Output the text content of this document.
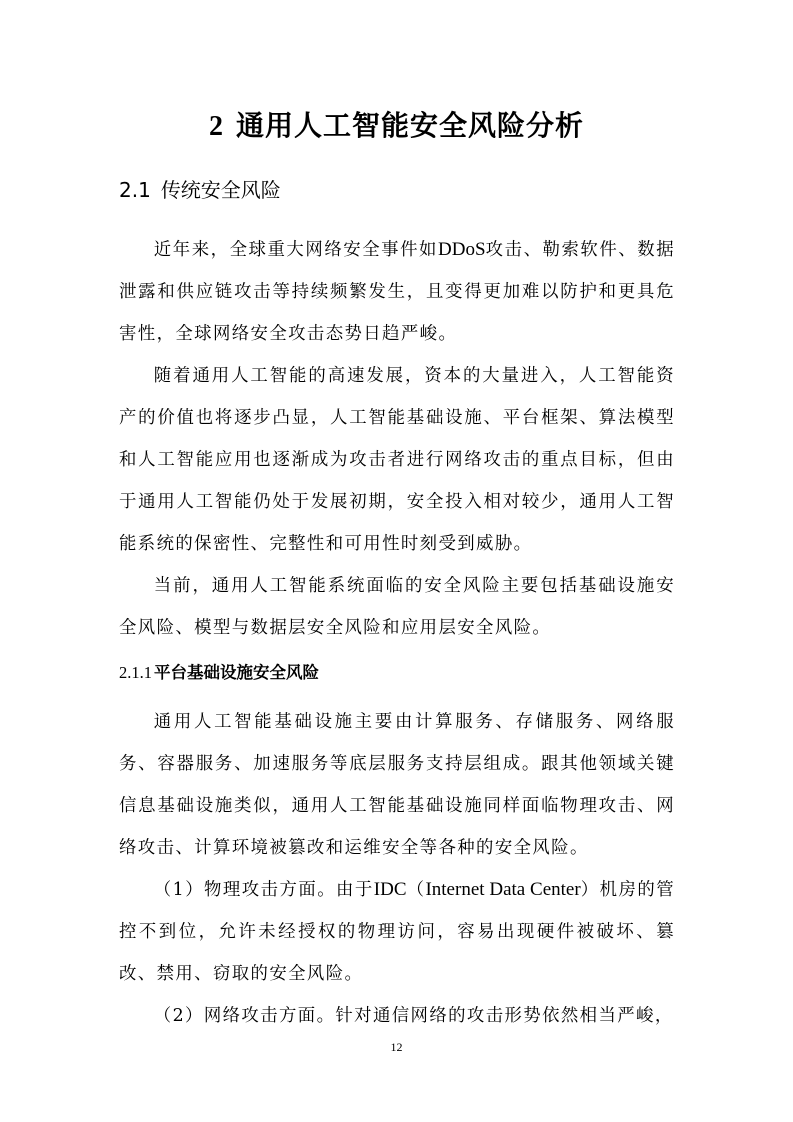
2 通用人工智能安全风险分析
2.1 传统安全风险

近年来，全球重大网络安全事件如DDoS攻击、勒索软件、数据泄露和供应链攻击等持续频繁发生，且变得更加难以防护和更具危害性，全球网络安全攻击态势日趋严峻。

随着通用人工智能的高速发展，资本的大量进入，人工智能资产的价值也将逐步凸显，人工智能基础设施、平台框架、算法模型和人工智能应用也逐渐成为攻击者进行网络攻击的重点目标，但由于通用人工智能仍处于发展初期，安全投入相对较少，通用人工智能系统的保密性、完整性和可用性时刻受到威胁。

当前，通用人工智能系统面临的安全风险主要包括基础设施安全风险、模型与数据层安全风险和应用层安全风险。

2.1.1 平台基础设施安全风险

通用人工智能基础设施主要由计算服务、存储服务、网络服务、容器服务、加速服务等底层服务支持层组成。跟其他领域关键信息基础设施类似，通用人工智能基础设施同样面临物理攻击、网络攻击、计算环境被篡改和运维安全等各种的安全风险。

（1）物理攻击方面。由于IDC（Internet Data Center）机房的管控不到位，允许未经授权的物理访问，容易出现硬件被破坏、篡改、禁用、窃取的安全风险。

（2）网络攻击方面。针对通信网络的攻击形势依然相当严峻，

12
